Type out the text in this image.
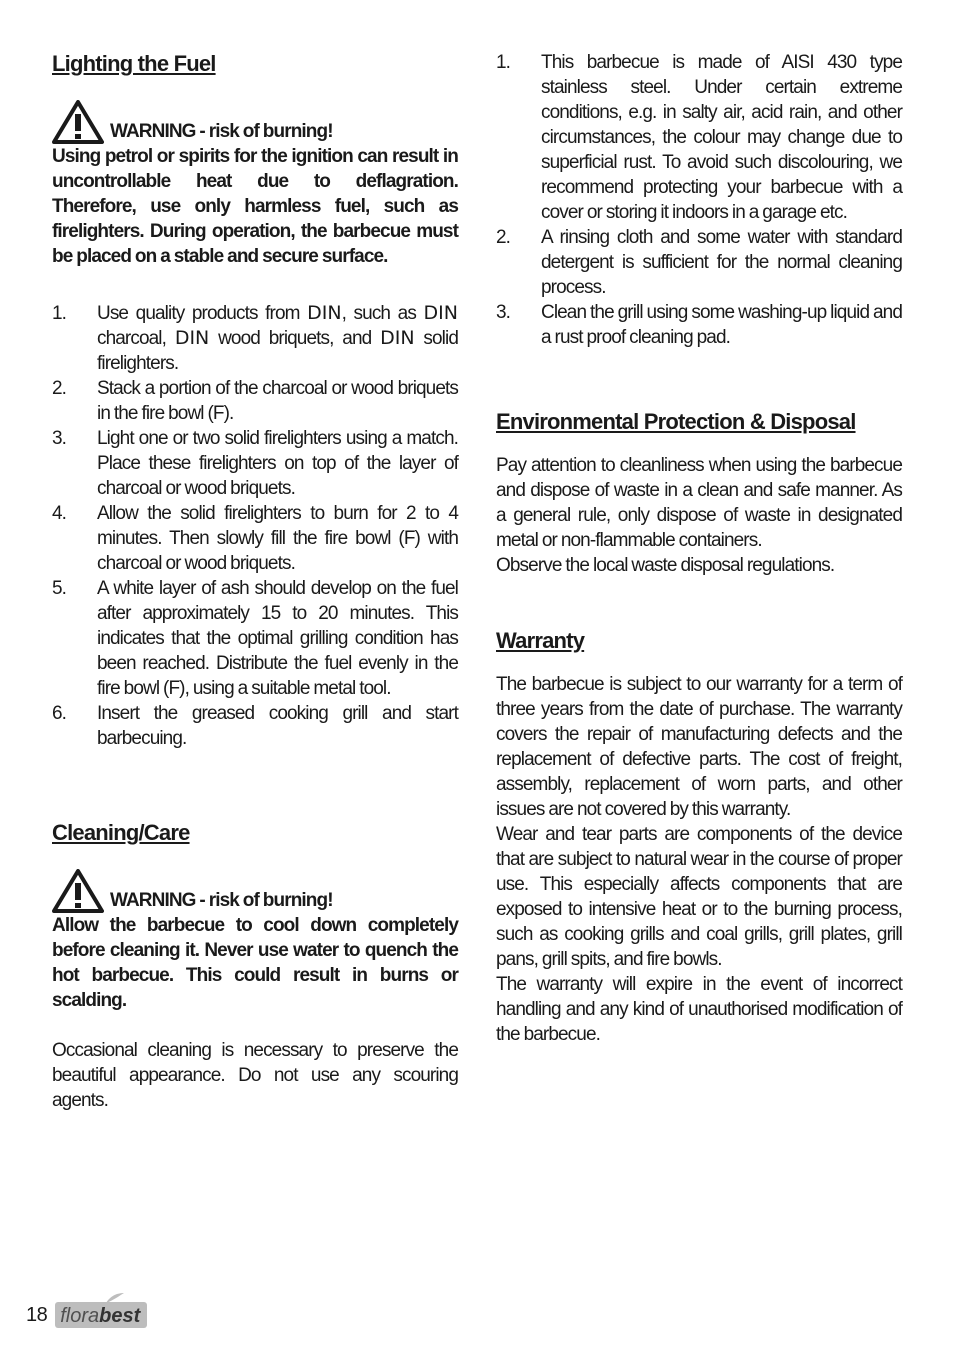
Lighting the Fuel
WARNING - risk of burning!

Using petrol or spirits for the ignition can result in uncontrollable heat due to deflagration. Therefore, use only harmless fuel, such as firelighters. During operation, the barbecue must be placed on a stable and secure surface.

1.	Use quality products from DIN, such as DIN charcoal, DIN wood briquets, and DIN solid firelighters.
2.	Stack a portion of the charcoal or wood briquets in the fire bowl (F).
3.	Light one or two solid firelighters using a match. Place these firelighters on top of the layer of charcoal or wood briquets.
4.	Allow the solid firelighters to burn for 2 to 4 minutes. Then slowly fill the fire bowl (F) with charcoal or wood briquets.
5.	A white layer of ash should develop on the fuel after approximately 15 to 20 minutes. This indicates that the optimal grilling condition has been reached. Distribute the fuel evenly in the fire bowl (F), using a suitable metal tool.
6.	Insert the greased cooking grill and start barbecuing.
Cleaning/Care
WARNING - risk of burning!

Allow the barbecue to cool down completely before cleaning it. Never use water to quench the hot barbecue. This could result in burns or scalding.

Occasional cleaning is necessary to preserve the beautiful appearance. Do not use any scouring agents.

1.	This barbecue is made of AISI 430 type stainless steel. Under certain extreme conditions, e.g. in salty air, acid rain, and other circumstances, the colour may change due to superficial rust. To avoid such discolouring, we recommend protecting your barbecue with a cover or storing it indoors in a garage etc.
2.	A rinsing cloth and some water with standard detergent is sufficient for the normal cleaning process.
3.	Clean the grill using some washing-up liquid and a rust proof cleaning pad.
Environmental Protection & Disposal

Pay attention to cleanliness when using the barbecue and dispose of waste in a clean and safe manner. As a general rule, only dispose of waste in designated metal or non-flammable containers.

Observe the local waste disposal regulations.

Warranty

The barbecue is subject to our warranty for a term of three years from the date of purchase. The warranty covers the repair of manufacturing defects and the replacement of defective parts. The cost of freight, assembly, replacement of worn parts, and other issues are not covered by this warranty.

Wear and tear parts are components of the device that are subject to natural wear in the course of proper use. This especially affects components that are exposed to intensive heat or to the burning process, such as cooking grills and coal grills, grill plates, grill pans, grill spits, and fire bowls.

The warranty will expire in the event of incorrect handling and any kind of unauthorised modification of the barbecue.

18 florabest
